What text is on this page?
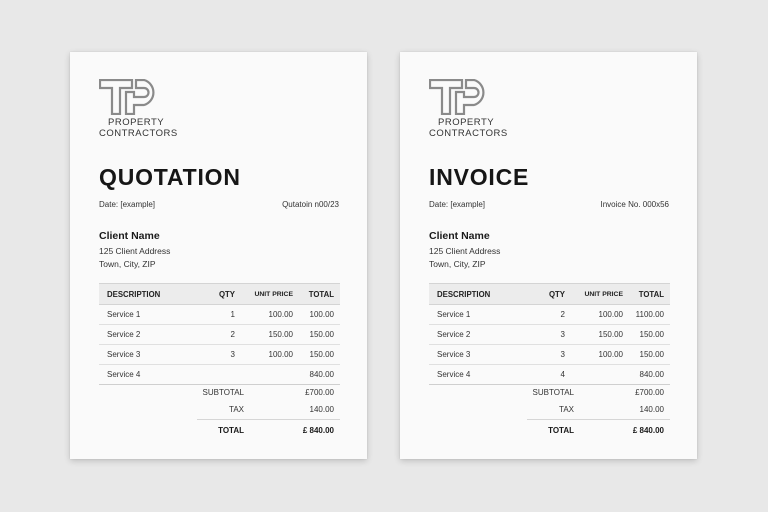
PROPERTY
CONTRACTORS
QUOTATION
Date: [example]	Qutatoin n00/23
Client Name
125 Client Address
Town, City, ZIP
DESCRIPTION	QTY	UNIT PRICE	TOTAL
Service 1	1	100.00	100.00
Service 2	2	150.00	150.00
Service 3	3	100.00	150.00
Service 4			840.00
SUBTOTAL	£700.00
TAX	140.00
TOTAL	£ 840.00
PROPERTY
CONTRACTORS
INVOICE
Date: [example]	Invoice No. 000x56
Client Name
125 Client Address
Town, City, ZIP
DESCRIPTION	QTY	UNIT PRICE	TOTAL
Service 1	2	100.00	1100.00
Service 2	3	150.00	150.00
Service 3	3	100.00	150.00
Service 4	4		840.00
SUBTOTAL	£700.00
TAX	140.00
TOTAL	£ 840.00
